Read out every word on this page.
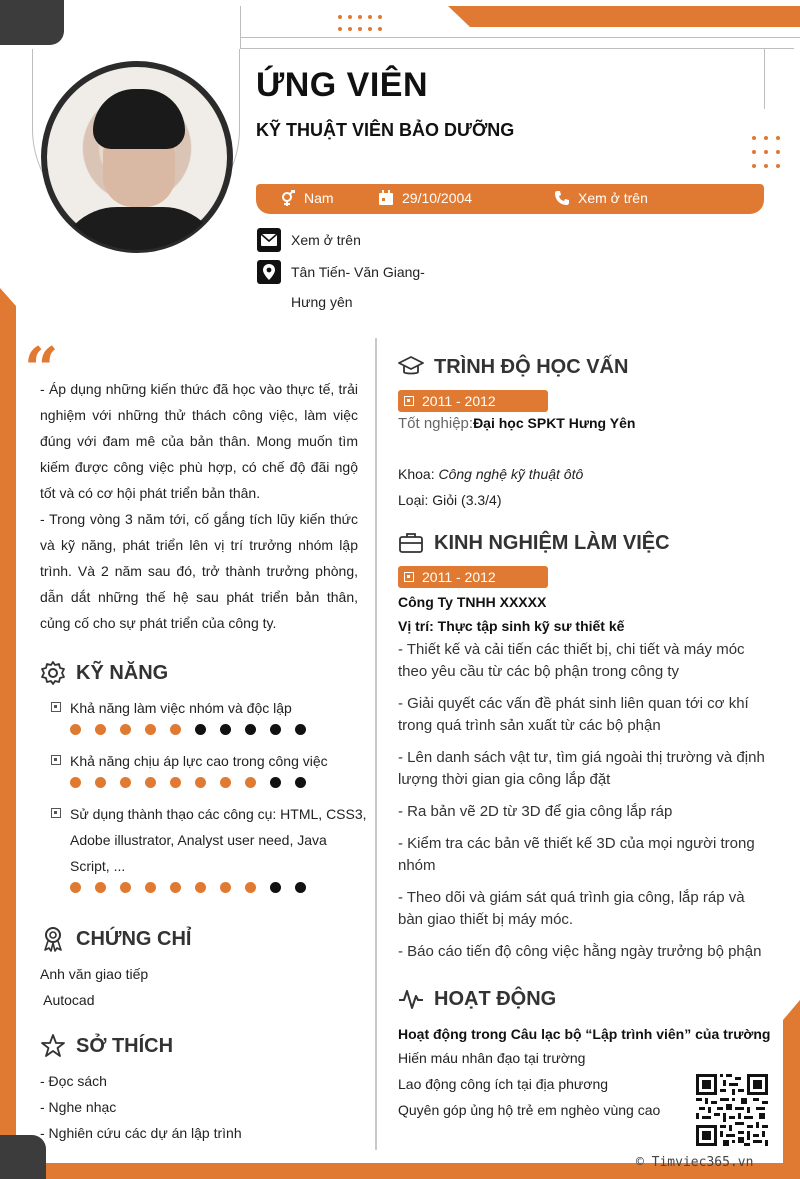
ỨNG VIÊN
KỸ THUẬT VIÊN BẢO DƯỠNG
Nam	29/10/2004	Xem ở trên
Xem ở trên
Tân Tiến- Văn Giang-
Hưng yên
“

- Áp dụng những kiến thức đã học vào thực tế, trải nghiệm với những thử thách công việc, làm việc đúng với đam mê của bản thân. Mong muốn tìm kiếm được công việc phù hợp, có chế độ đãi ngộ tốt và có cơ hội phát triển bản thân.

- Trong vòng 3 năm tới, cố gắng tích lũy kiến thức và kỹ năng, phát triển lên vị trí trưởng nhóm lập trình. Và 2 năm sau đó, trở thành trưởng phòng, dẫn dắt những thế hệ sau phát triển bản thân, củng cố cho sự phát triển của công ty.

KỸ NĂNG
Khả năng làm việc nhóm và độc lập
Khả năng chịu áp lực cao trong công việc
Sử dụng thành thạo các công cụ: HTML, CSS3,
Adobe illustrator, Analyst user need, Java
Script, ...
CHỨNG CHỈ
Anh văn giao tiếp
Autocad
SỞ THÍCH
- Đọc sách
- Nghe nhạc
- Nghiên cứu các dự án lập trình
TRÌNH ĐỘ HỌC VẤN
2011 - 2012
Tốt nghiệp:Đại học SPKT Hưng Yên
Khoa: Công nghệ kỹ thuật ôtô
Loại: Giỏi (3.3/4)
KINH NGHIỆM LÀM VIỆC
2011 - 2012
Công Ty TNHH XXXXX
Vị trí: Thực tập sinh kỹ sư thiết kế

- Thiết kế và cải tiến các thiết bị, chi tiết và máy móc theo yêu cầu từ các bộ phận trong công ty

- Giải quyết các vấn đề phát sinh liên quan tới cơ khí trong quá trình sản xuất từ các bộ phận

- Lên danh sách vật tư, tìm giá ngoài thị trường và định lượng thời gian gia công lắp đặt

- Ra bản vẽ 2D từ 3D để gia công lắp ráp

- Kiểm tra các bản vẽ thiết kế 3D của mọi người trong nhóm

- Theo dõi và giám sát quá trình gia công, lắp ráp và bàn giao thiết bị máy móc.

- Báo cáo tiến độ công việc hằng ngày trưởng bộ phận

HOẠT ĐỘNG
Hoạt động trong Câu lạc bộ “Lập trình viên” của trường
Hiến máu nhân đạo tại trường
Lao động công ích tại địa phương
Quyên góp ủng hộ trẻ em nghèo vùng cao
© Timviec365.vn
